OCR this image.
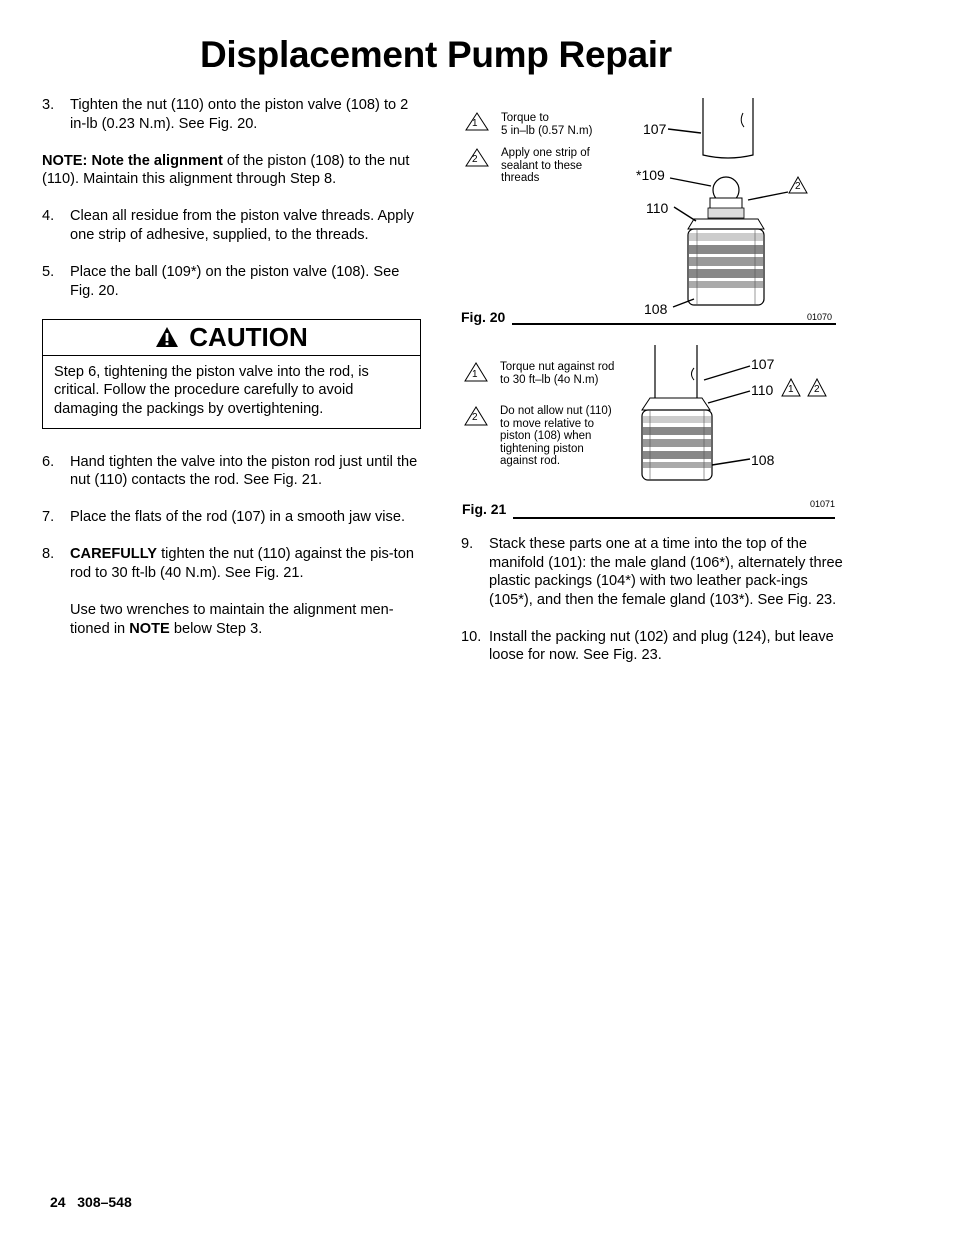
Displacement Pump Repair
3. Tighten the nut (110) onto the piston valve (108) to 2 in-lb (0.23 N.m). See Fig. 20.
NOTE: Note the alignment of the piston (108) to the nut (110). Maintain this alignment through Step 8.
4. Clean all residue from the piston valve threads. Apply one strip of adhesive, supplied, to the threads.
5. Place the ball (109*) on the piston valve (108). See Fig. 20.
CAUTION
Step 6, tightening the piston valve into the rod, is critical. Follow the procedure carefully to avoid damaging the packings by overtightening.
6. Hand tighten the valve into the piston rod just until the nut (110) contacts the rod. See Fig. 21.
7. Place the flats of the rod (107) in a smooth jaw vise.
8. CAREFULLY tighten the nut (110) against the pis-ton rod to 30 ft-lb (40 N.m). See Fig. 21.
Use two wrenches to maintain the alignment men-tioned in NOTE below Step 3.
1 Torque to
5 in–lb (0.57 N.m)
2
Apply one strip of
sealant to these
threads
107
*109
110
108
2
Fig. 20	01070
1
Torque nut against rod
to 30 ft–lb (4o N.m)
2
Do not allow nut (110)
to move relative to
piston (108) when
tightening piston
against rod.
107
110 1 2
108
Fig. 21	01071
9. Stack these parts one at a time into the top of the manifold (101): the male gland (106*), alternately three plastic packings (104*) with two leather pack-ings (105*), and then the female gland (103*). See Fig. 23.
10. Install the packing nut (102) and plug (124), but leave loose for now. See Fig. 23.
24 308–548
